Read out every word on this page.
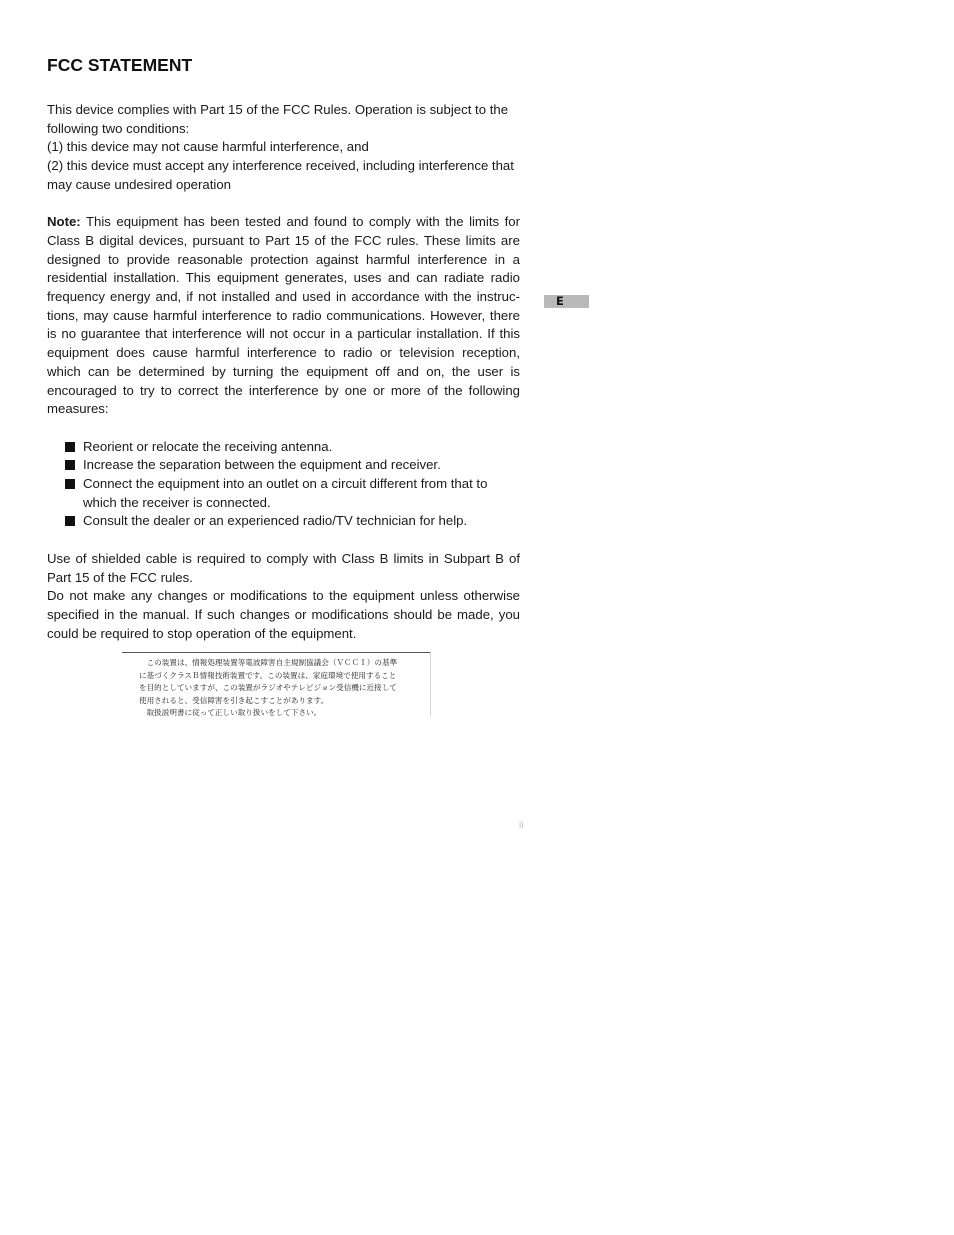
FCC STATEMENT

This device complies with Part 15 of the FCC Rules. Operation is subject to the following two conditions:

(1) this device may not cause harmful interference, and

(2) this device must accept any interference received, including interference that may cause undesired operation

Note: This equipment has been tested and found to comply with the limits for Class B digital devices, pursuant to Part 15 of the FCC rules. These limits are designed to provide reasonable protection against harmful interference in a residential installation. This equipment generates, uses and can radiate radio frequency energy and, if not installed and used in accordance with the instruc-tions, may cause harmful interference to radio communications. However, there is no guarantee that interference will not occur in a particular installation. If this equipment does cause harmful interference to radio or television reception, which can be determined by turning the equipment off and on, the user is encouraged to try to correct the interference by one or more of the following measures:

Reorient or relocate the receiving antenna.
Increase the separation between the equipment and receiver.
Connect the equipment into an outlet on a circuit different from that to which the receiver is connected.
Consult the dealer or an experienced radio/TV technician for help.

Use of shielded cable is required to comply with Class B limits in Subpart B of Part 15 of the FCC rules.

Do not make any changes or modifications to the equipment unless otherwise specified in the manual. If such changes or modifications should be made, you could be required to stop operation of the equipment.

　この装置は、情報処理装置等電波障害自主規制協議会（ＶＣＣＩ）の基準
に基づくクラスＢ情報技術装置です。この装置は、家庭環境で使用すること
を目的としていますが、この装置がラジオやテレビジョン受信機に近接して
使用されると、受信障害を引き起こすことがあります。
　取扱説明書に従って正しい取り扱いをして下さい。
E
ii
